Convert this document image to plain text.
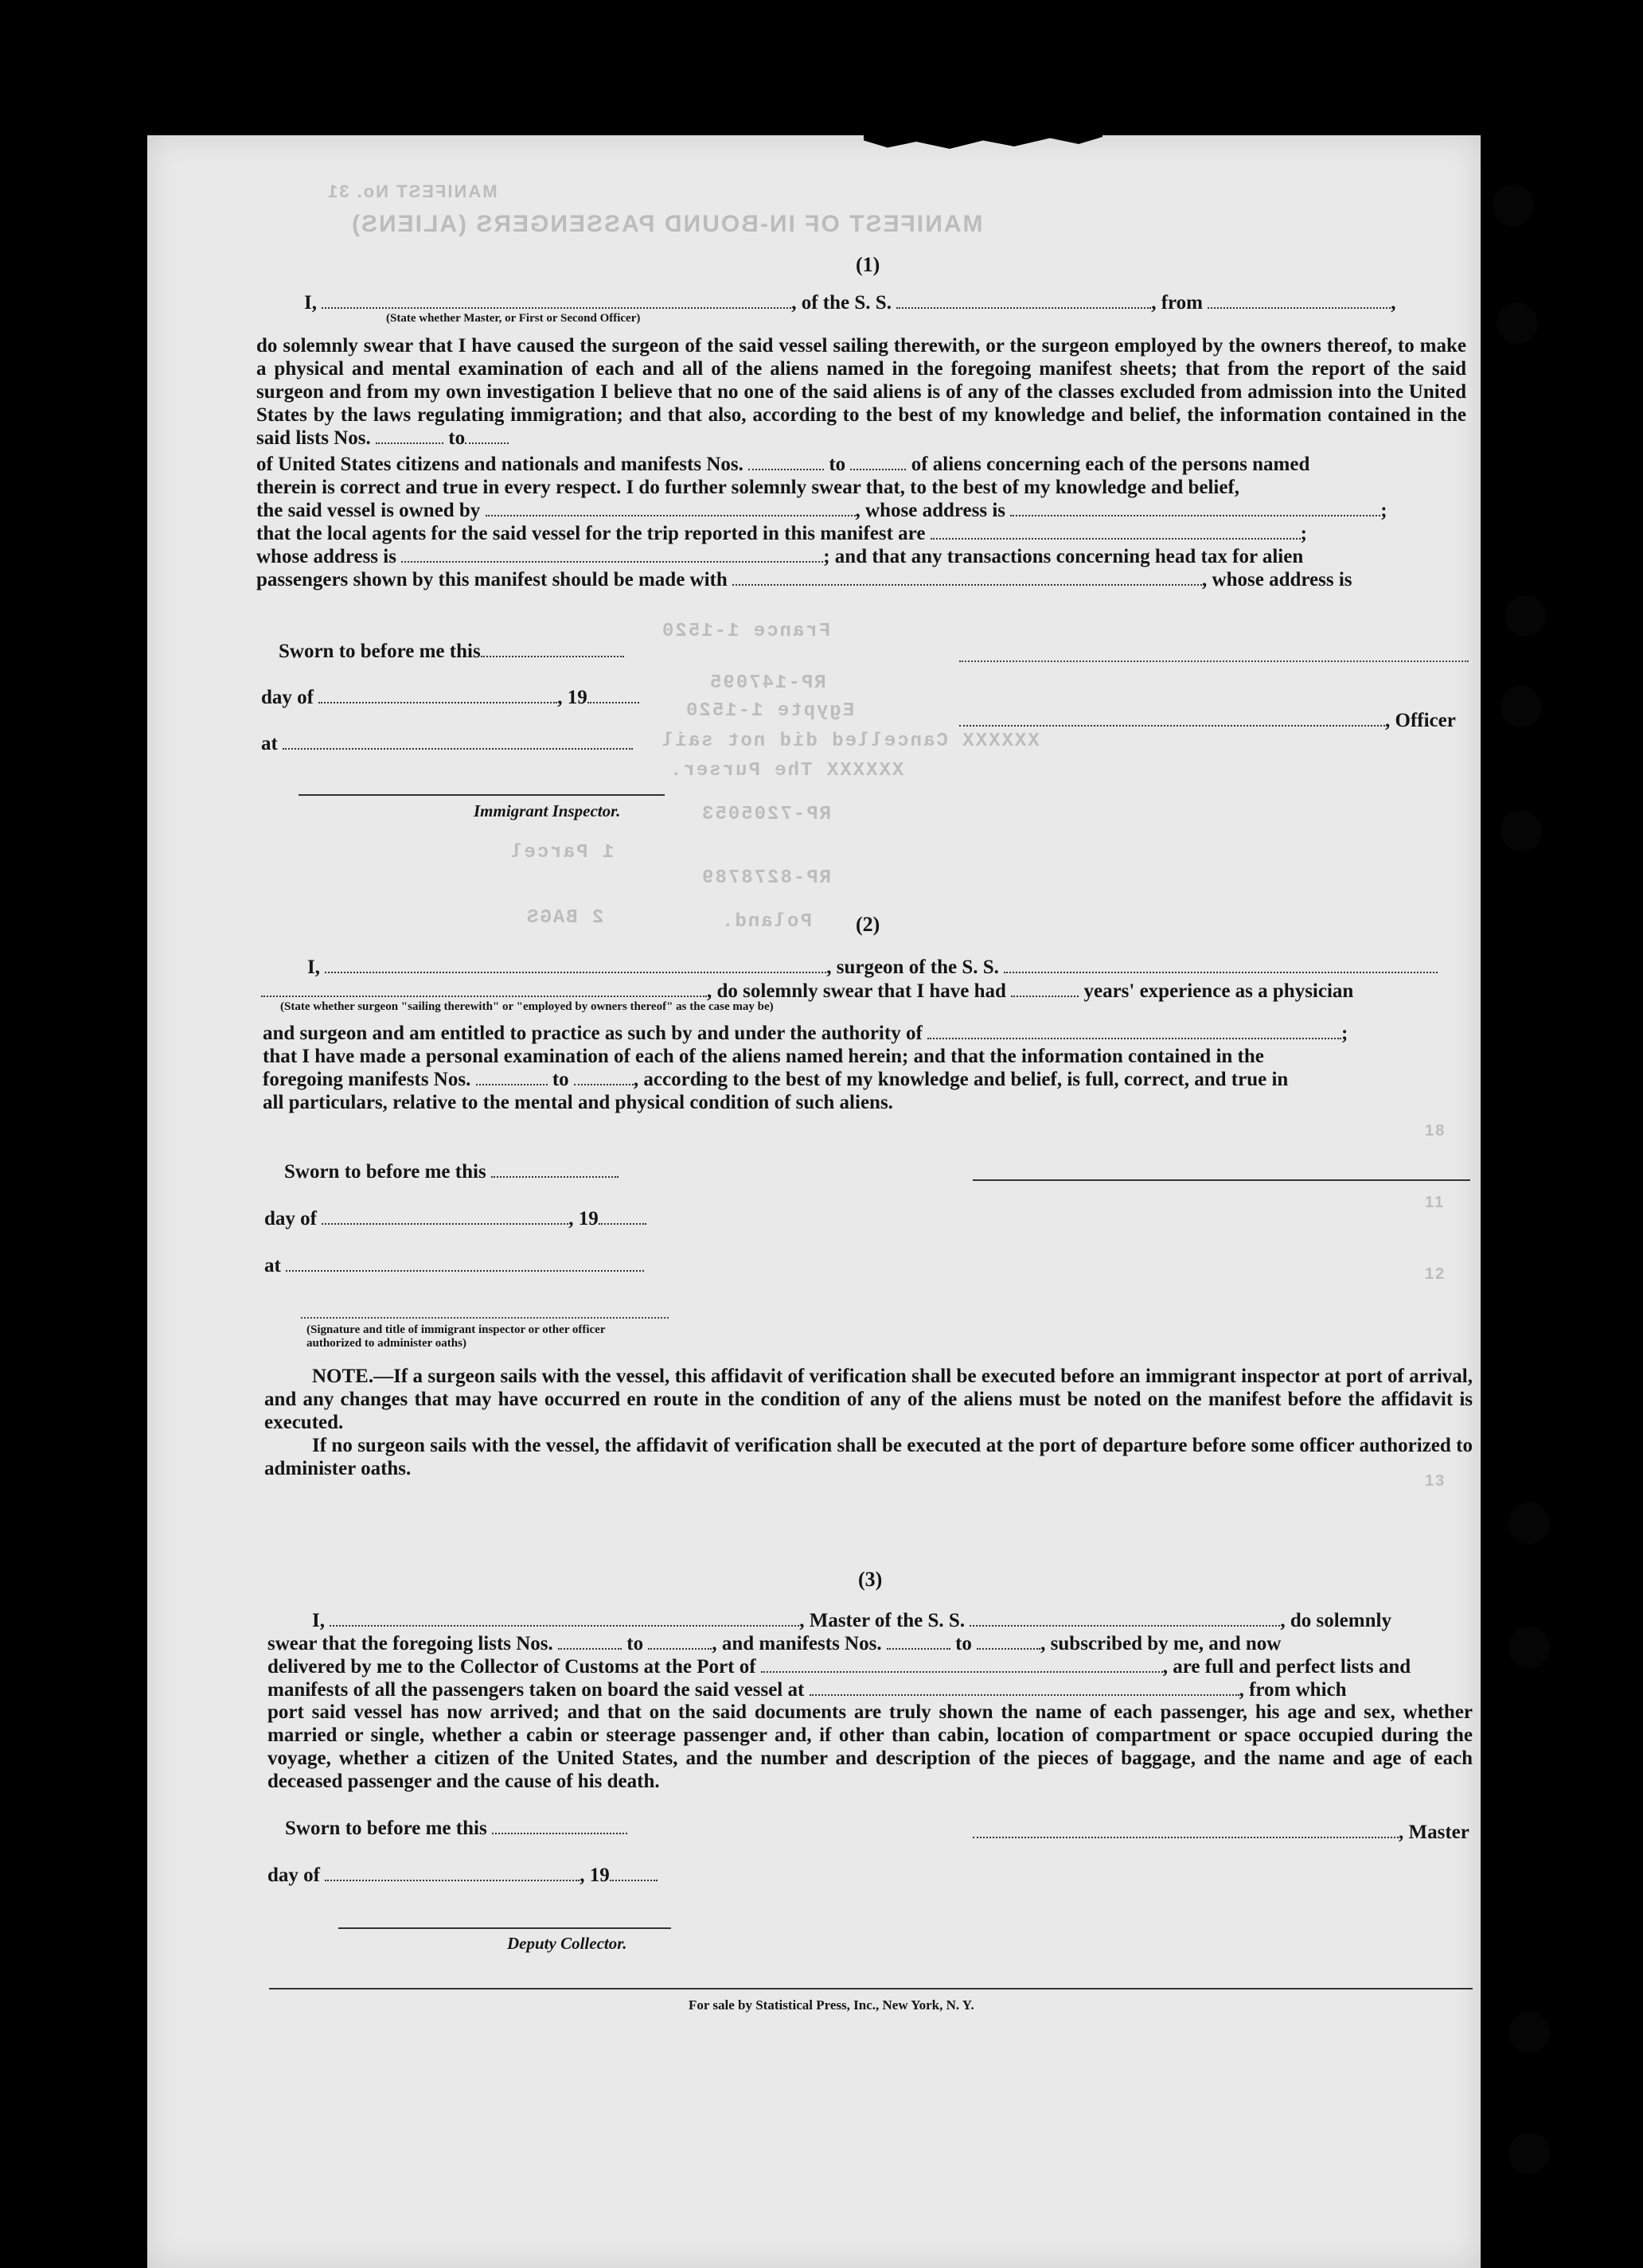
MANIFEST OF IN-BOUND PASSENGERS (ALIENS)
MANIFEST No. 31
France 1-1520
RP-147095
Egypte 1-1520
XXXXXX Cancelled did not sail
XXXXXX The Purser.
RP-7205053
1 Parcel
RP-8278789
Poland.
2 BAGS
18
11
12
13
(1)
I,	, of the S. S.	, from	,
(State whether Master, or First or Second Officer)
do solemnly swear that I have caused the surgeon of the said vessel sailing therewith, or the surgeon employed by the owners thereof, to make a physical and mental examination of each and all of the aliens named in the foregoing manifest sheets; that from the report of the said surgeon and from my own investigation I believe that no one of the said aliens is of any of the classes excluded from admission into the United States by the laws regulating immigration; and that also, according to the best of my knowledge and belief, the information contained in the said lists Nos.	to
of United States citizens and nationals and manifests Nos.	to	of aliens concerning each of the persons named
therein is correct and true in every respect. I do further solemnly swear that, to the best of my knowledge and belief,
the said vessel is owned by	, whose address is	;
that the local agents for the said vessel for the trip reported in this manifest are	;
whose address is	; and that any transactions concerning head tax for alien
passengers shown by this manifest should be made with	, whose address is
Sworn to before me this
day of	, 19
, Officer
at
Immigrant Inspector.
(2)
I,	, surgeon of the S. S.
, do solemnly swear that I have had	years' experience as a physician
(State whether surgeon "sailing therewith" or "employed by owners thereof" as the case may be)
and surgeon and am entitled to practice as such by and under the authority of	;
that I have made a personal examination of each of the aliens named herein; and that the information contained in the
foregoing manifests Nos.	to	, according to the best of my knowledge and belief, is full, correct, and true in
all particulars, relative to the mental and physical condition of such aliens.
Sworn to before me this
day of	, 19
at
(Signature and title of immigrant inspector or other officer authorized to administer oaths)
NOTE.—If a surgeon sails with the vessel, this affidavit of verification shall be executed before an immigrant inspector at port of arrival, and any changes that may have occurred en route in the condition of any of the aliens must be noted on the manifest before the affidavit is executed.
If no surgeon sails with the vessel, the affidavit of verification shall be executed at the port of departure before some officer authorized to administer oaths.
(3)
I,	, Master of the S. S.	, do solemnly
swear that the foregoing lists Nos.	to	, and manifests Nos.	to	, subscribed by me, and now
delivered by me to the Collector of Customs at the Port of	, are full and perfect lists and
manifests of all the passengers taken on board the said vessel at	, from which
port said vessel has now arrived; and that on the said documents are truly shown the name of each passenger, his age and sex, whether married or single, whether a cabin or steerage passenger and, if other than cabin, location of compartment or space occupied during the voyage, whether a citizen of the United States, and the number and description of the pieces of baggage, and the name and age of each deceased passenger and the cause of his death.
Sworn to before me this	, Master
day of	, 19
Deputy Collector.
For sale by Statistical Press, Inc., New York, N. Y.
